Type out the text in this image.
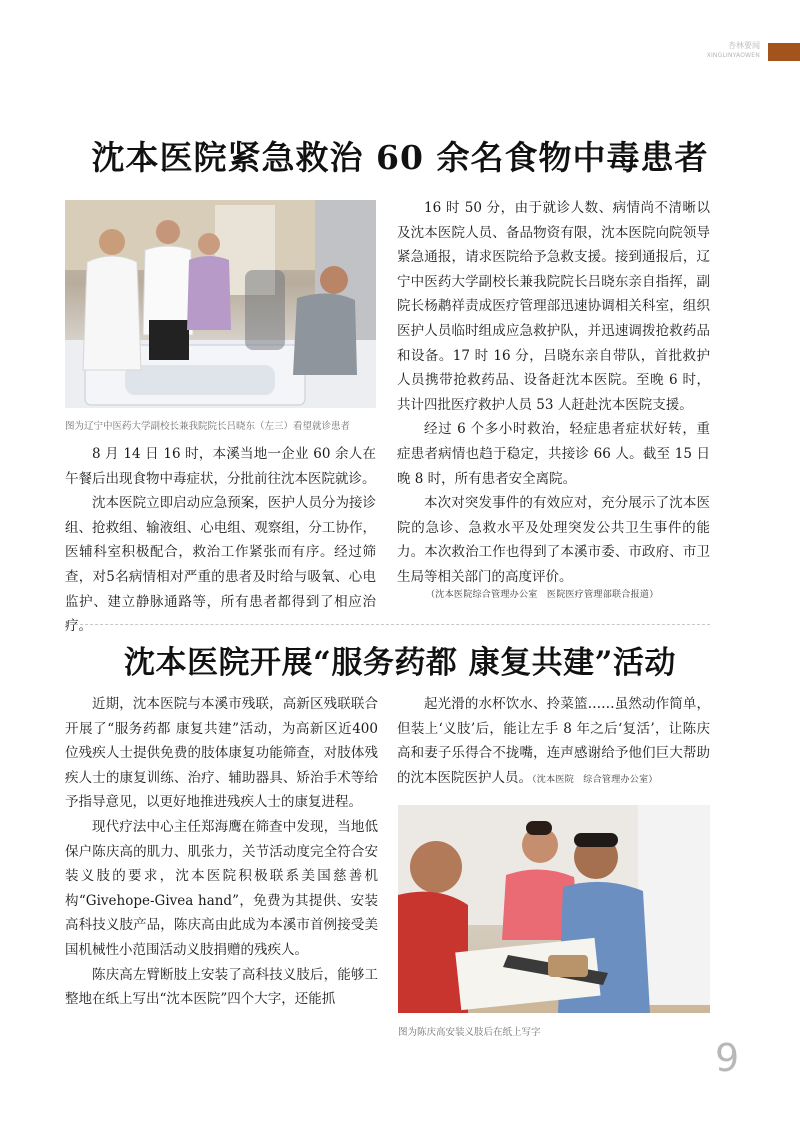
杏林要闻
XINGLINYAOWEN
沈本医院紧急救治 60 余名食物中毒患者
图为辽宁中医药大学副校长兼我院院长吕晓东（左三）看望就诊患者

8 月 14 日 16 时，本溪当地一企业 60 余人在午餐后出现食物中毒症状，分批前往沈本医院就诊。

沈本医院立即启动应急预案，医护人员分为接诊组、抢救组、输液组、心电组、观察组，分工协作，医辅科室积极配合，救治工作紧张而有序。经过筛查，对5名病情相对严重的患者及时给与吸氧、心电监护、建立静脉通路等，所有患者都得到了相应治疗。

16 时 50 分，由于就诊人数、病情尚不清晰以及沈本医院人员、备品物资有限，沈本医院向院领导紧急通报，请求医院给予急救支援。接到通报后，辽宁中医药大学副校长兼我院院长吕晓东亲自指挥，副院长杨鹔祥责成医疗管理部迅速协调相关科室，组织医护人员临时组成应急救护队，并迅速调拨抢救药品和设备。17 时 16 分，吕晓东亲自带队，首批救护人员携带抢救药品、设备赶沈本医院。至晚 6 时，共计四批医疗救护人员 53 人赶赴沈本医院支援。

经过 6 个多小时救治，轻症患者症状好转，重症患者病情也趋于稳定，共接诊 66 人。截至 15 日晚 8 时，所有患者安全离院。

本次对突发事件的有效应对，充分展示了沈本医院的急诊、急救水平及处理突发公共卫生事件的能力。本次救治工作也得到了本溪市委、市政府、市卫生局等相关部门的高度评价。

（沈本医院综合管理办公室　医院医疗管理部联合报道）
沈本医院开展“服务药都 康复共建”活动

近期，沈本医院与本溪市残联，高新区残联联合开展了“服务药都 康复共建”活动，为高新区近400位残疾人士提供免费的肢体康复功能筛查，对肢体残疾人士的康复训练、治疗、辅助器具、矫治手术等给予指导意见，以更好地推进残疾人士的康复进程。

现代疗法中心主任郑海鹰在筛查中发现，当地低保户陈庆高的肌力、肌张力，关节活动度完全符合安装义肢的要求，沈本医院积极联系美国慈善机构“Givehope-Givea hand”，免费为其提供、安装高科技义肢产品，陈庆高由此成为本溪市首例接受美国机械性小范围活动义肢捐赠的残疾人。

陈庆高左臂断肢上安装了高科技义肢后，能够工整地在纸上写出“沈本医院”四个大字，还能抓

起光滑的水杯饮水、拎菜篮……虽然动作简单，但装上‘义肢’后，能让左手 8 年之后‘复活’，让陈庆高和妻子乐得合不拢嘴，连声感谢给予他们巨大帮助的沈本医院医护人员。（沈本医院　综合管理办公室）

图为陈庆高安装义肢后在纸上写字
9
